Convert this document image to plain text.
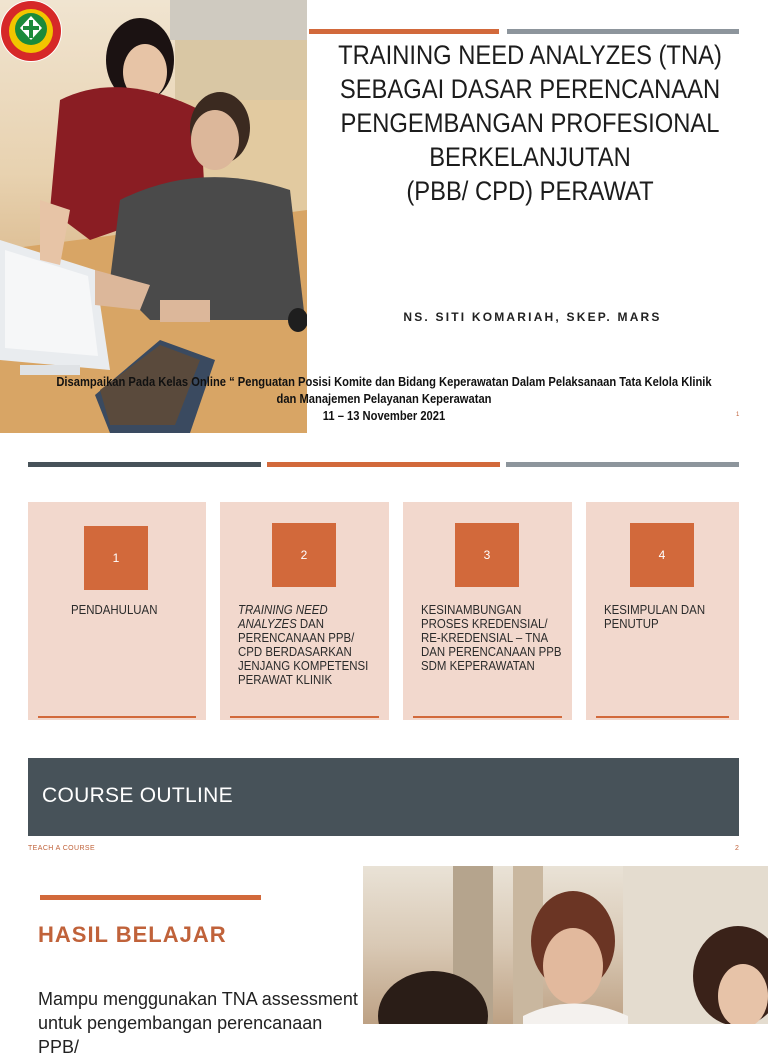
TRAINING NEED ANALYZES (TNA)
SEBAGAI DASAR PERENCANAAN
PENGEMBANGAN PROFESIONAL
BERKELANJUTAN
(PBB/ CPD) PERAWAT
NS. SITI KOMARIAH, SKEP. MARS
Disampaikan Pada Kelas Online “ Penguatan Posisi Komite dan Bidang Keperawatan Dalam Pelaksanaan Tata Kelola Klinik
dan Manajemen Pelayanan Keperawatan
11 – 13 November 2021	1
1
PENDAHULUAN
2
TRAINING NEED ANALYZES DAN PERENCANAAN PPB/ CPD BERDASARKAN JENJANG KOMPETENSI PERAWAT KLINIK
3
KESINAMBUNGAN PROSES KREDENSIAL/ RE-KREDENSIAL – TNA DAN PERENCANAAN PPB SDM KEPERAWATAN
4
KESIMPULAN DAN PENUTUP
COURSE OUTLINE
TEACH A COURSE	2
HASIL BELAJAR
Mampu menggunakan TNA assessment untuk pengembangan perencanaan PPB/
